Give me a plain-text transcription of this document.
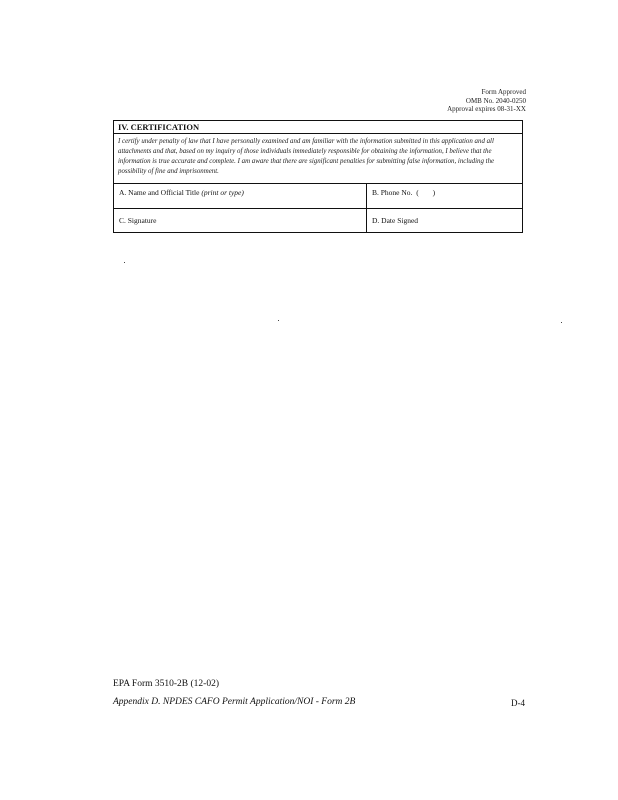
Form Approved
OMB No. 2040-0250
Approval expires 08-31-XX
IV. CERTIFICATION
I certify under penalty of law that I have personally examined and am familiar with the information submitted in this application and all attachments and that, based on my inquiry of those individuals immediately responsible for obtaining the information, I believe that the information is true accurate and complete. I am aware that there are significant penalties for submitting false information, including the possibility of fine and imprisonment.
A. Name and Official Title (print or type)	B. Phone No. ( )
C. Signature	D. Date Signed
EPA Form 3510-2B (12-02)
Appendix D. NPDES CAFO Permit Application/NOI - Form 2B	D-4
